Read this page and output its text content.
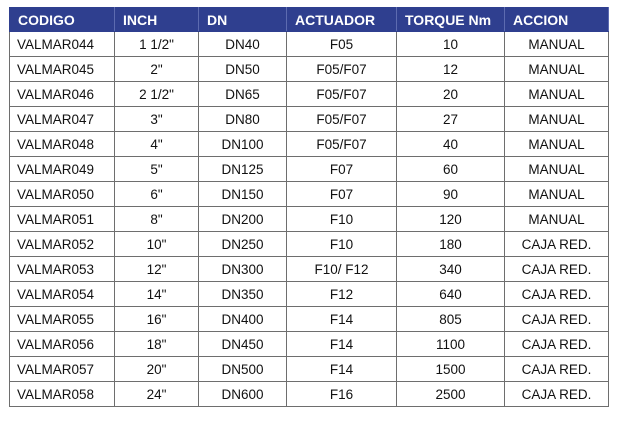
CODIGO	INCH	DN	ACTUADOR	TORQUE Nm	ACCION
VALMAR044	1 1/2"	DN40	F05	10	MANUAL
VALMAR045	2"	DN50	F05/F07	12	MANUAL
VALMAR046	2 1/2"	DN65	F05/F07	20	MANUAL
VALMAR047	3"	DN80	F05/F07	27	MANUAL
VALMAR048	4"	DN100	F05/F07	40	MANUAL
VALMAR049	5"	DN125	F07	60	MANUAL
VALMAR050	6"	DN150	F07	90	MANUAL
VALMAR051	8"	DN200	F10	120	MANUAL
VALMAR052	10"	DN250	F10	180	CAJA RED.
VALMAR053	12"	DN300	F10/ F12	340	CAJA RED.
VALMAR054	14"	DN350	F12	640	CAJA RED.
VALMAR055	16"	DN400	F14	805	CAJA RED.
VALMAR056	18"	DN450	F14	1100	CAJA RED.
VALMAR057	20"	DN500	F14	1500	CAJA RED.
VALMAR058	24"	DN600	F16	2500	CAJA RED.
